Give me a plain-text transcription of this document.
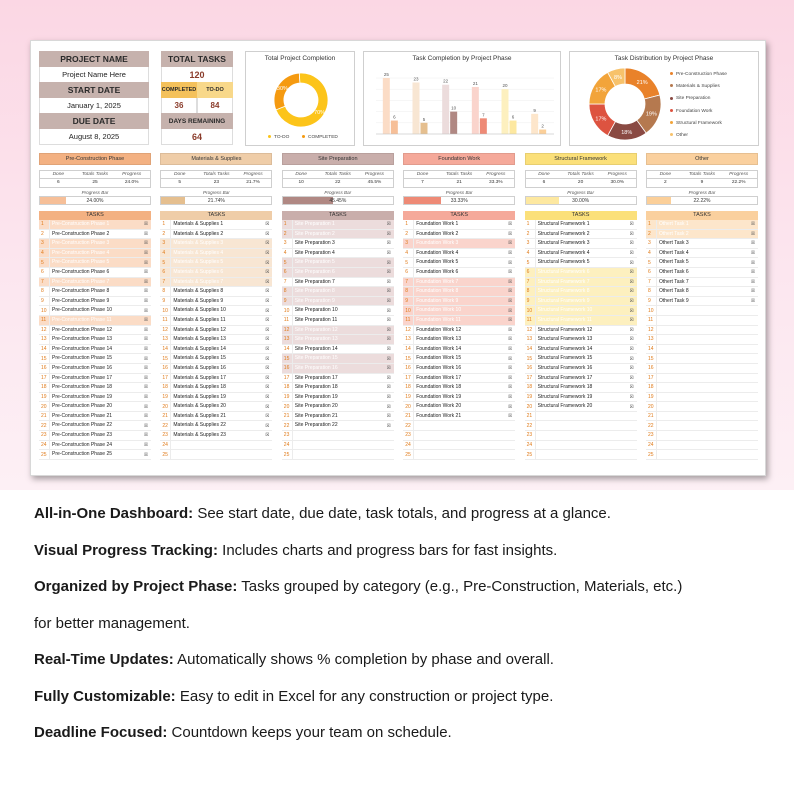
PROJECT NAME
Project Name Here
START DATE
January 1, 2025
DUE DATE
August 8, 2025
TOTAL TASKS
120
COMPLETED	TO-DO
36	84
DAYS REMAINING
64
Total Project Completion
30%
70%
TO-DO	COMPLETED
Task Completion by Project Phase
25
6
23
5
22
10
21
7
20
6
9
2
Task Distribution by Project Phase
21%
19%
18%
17%
17%
8%
Pre-Construction Phase
Materials & Supplies
Site Preparation
Foundation Work
Structural Framework
Other
Pre-Construction Phase
Done	Totals Tasks	Progress
6	25	24.0%
Progress Bar
24.00%
TASKS
1	Pre-Construction Phase 1	☒
2	Pre-Construction Phase 2	☒
3	Pre-Construction Phase 3	☒
4	Pre-Construction Phase 4	☒
5	Pre-Construction Phase 5	☒
6	Pre-Construction Phase 6	☒
7	Pre-Construction Phase 7	☒
8	Pre-Construction Phase 8	☒
9	Pre-Construction Phase 9	☒
10	Pre-Construction Phase 10	☒
11	Pre-Construction Phase 11	☒
12	Pre-Construction Phase 12	☒
13	Pre-Construction Phase 13	☒
14	Pre-Construction Phase 14	☒
15	Pre-Construction Phase 15	☒
16	Pre-Construction Phase 16	☒
17	Pre-Construction Phase 17	☒
18	Pre-Construction Phase 18	☒
19	Pre-Construction Phase 19	☒
20	Pre-Construction Phase 20	☒
21	Pre-Construction Phase 21	☒
22	Pre-Construction Phase 22	☒
23	Pre-Construction Phase 23	☒
24	Pre-Construction Phase 24	☒
25	Pre-Construction Phase 25	☒
Materials & Supplies
Done	Totals Tasks	Progress
5	23	21.7%
Progress Bar
21.74%
TASKS
1	Materials & Supplies 1	☒
2	Materials & Supplies 2	☒
3	Materials & Supplies 3	☒
4	Materials & Supplies 4	☒
5	Materials & Supplies 5	☒
6	Materials & Supplies 6	☒
7	Materials & Supplies 7	☒
8	Materials & Supplies 8	☒
9	Materials & Supplies 9	☒
10	Materials & Supplies 10	☒
11	Materials & Supplies 11	☒
12	Materials & Supplies 12	☒
13	Materials & Supplies 13	☒
14	Materials & Supplies 14	☒
15	Materials & Supplies 15	☒
16	Materials & Supplies 16	☒
17	Materials & Supplies 17	☒
18	Materials & Supplies 18	☒
19	Materials & Supplies 19	☒
20	Materials & Supplies 20	☒
21	Materials & Supplies 21	☒
22	Materials & Supplies 22	☒
23	Materials & Supplies 23	☒
24
25
Site Preparation
Done	Totals Tasks	Progress
10	22	45.5%
Progress Bar
45.45%
TASKS
1	Site Preparation 1	☒
2	Site Preparation 2	☒
3	Site Preparation 3	☒
4	Site Preparation 4	☒
5	Site Preparation 5	☒
6	Site Preparation 6	☒
7	Site Preparation 7	☒
8	Site Preparation 8	☒
9	Site Preparation 9	☒
10	Site Preparation 10	☒
11	Site Preparation 11	☒
12	Site Preparation 12	☒
13	Site Preparation 13	☒
14	Site Preparation 14	☒
15	Site Preparation 15	☒
16	Site Preparation 16	☒
17	Site Preparation 17	☒
18	Site Preparation 18	☒
19	Site Preparation 19	☒
20	Site Preparation 20	☒
21	Site Preparation 21	☒
22	Site Preparation 22	☒
23
24
25
Foundation Work
Done	Totals Tasks	Progress
7	21	33.3%
Progress Bar
33.33%
TASKS
1	Foundation Work 1	☒
2	Foundation Work 2	☒
3	Foundation Work 3	☒
4	Foundation Work 4	☒
5	Foundation Work 5	☒
6	Foundation Work 6	☒
7	Foundation Work 7	☒
8	Foundation Work 8	☒
9	Foundation Work 9	☒
10	Foundation Work 10	☒
11	Foundation Work 11	☒
12	Foundation Work 12	☒
13	Foundation Work 13	☒
14	Foundation Work 14	☒
15	Foundation Work 15	☒
16	Foundation Work 16	☒
17	Foundation Work 17	☒
18	Foundation Work 18	☒
19	Foundation Work 19	☒
20	Foundation Work 20	☒
21	Foundation Work 21	☒
22
23
24
25
Structural Framework
Done	Totals Tasks	Progress
6	20	30.0%
Progress Bar
30.00%
TASKS
1	Structural Framework 1	☒
2	Structural Framework 2	☒
3	Structural Framework 3	☒
4	Structural Framework 4	☒
5	Structural Framework 5	☒
6	Structural Framework 6	☒
7	Structural Framework 7	☒
8	Structural Framework 8	☒
9	Structural Framework 9	☒
10	Structural Framework 10	☒
11	Structural Framework 11	☒
12	Structural Framework 12	☒
13	Structural Framework 13	☒
14	Structural Framework 14	☒
15	Structural Framework 15	☒
16	Structural Framework 16	☒
17	Structural Framework 17	☒
18	Structural Framework 18	☒
19	Structural Framework 19	☒
20	Structural Framework 20	☒
21
22
23
24
25
Other
Done	Totals Tasks	Progress
2	9	22.2%
Progress Bar
22.22%
TASKS
1	Othert Task 1	☒
2	Othert Task 2	☒
3	Othert Task 3	☒
4	Othert Task 4	☒
5	Othert Task 5	☒
6	Othert Task 6	☒
7	Othert Task 7	☒
8	Othert Task 8	☒
9	Othert Task 9	☒
10
11
12
13
14
15
16
17
18
19
20
21
22
23
24
25
All-in-One Dashboard: See start date, due date, task totals, and progress at a glance.
Visual Progress Tracking: Includes charts and progress bars for fast insights.
Organized by Project Phase: Tasks grouped by category (e.g., Pre-Construction, Materials, etc.)
for better management.
Real-Time Updates: Automatically shows % completion by phase and overall.
Fully Customizable: Easy to edit in Excel for any construction or project type.
Deadline Focused: Countdown keeps your team on schedule.
